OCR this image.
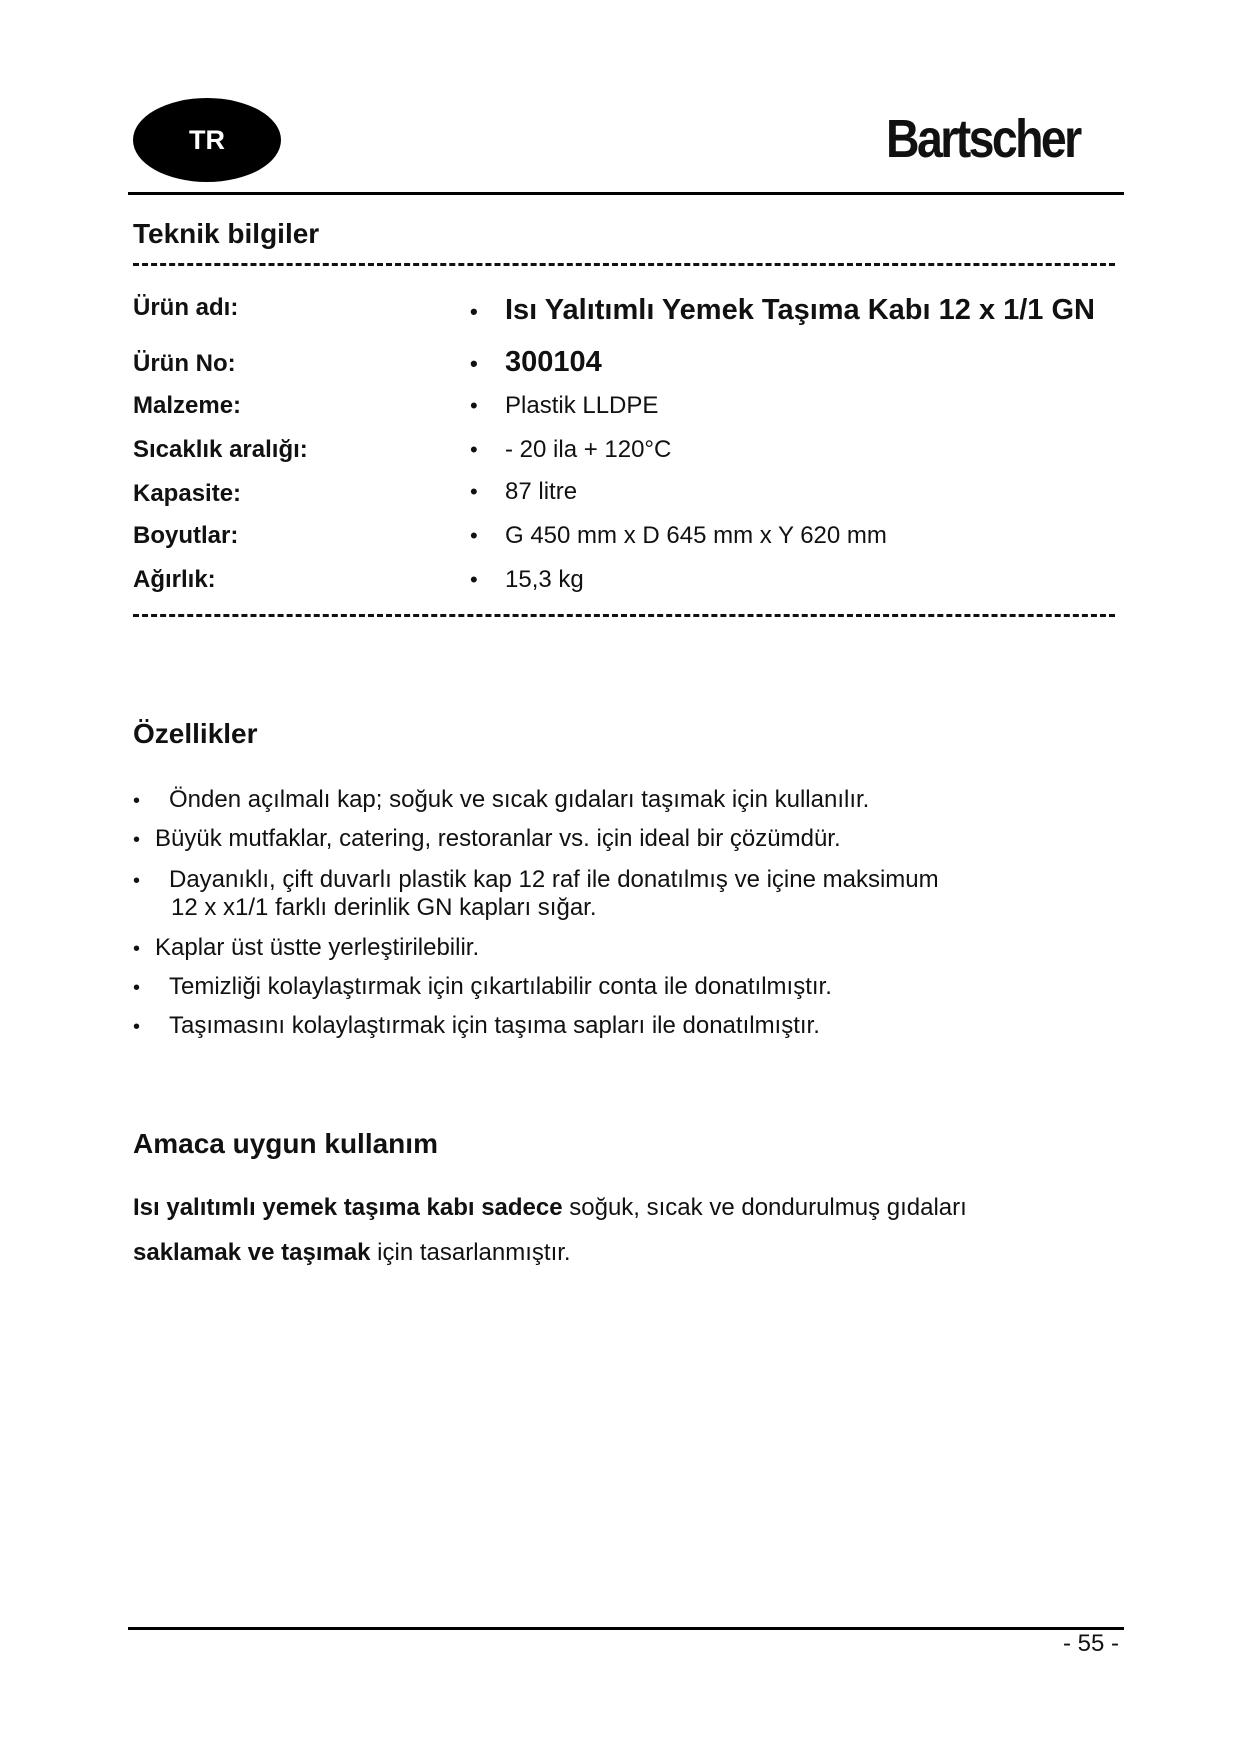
TR	Bartscher
Teknik bilgiler
Ürün adı:	• Isı Yalıtımlı Yemek Taşıma Kabı 12 x 1/1 GN
Ürün No:	• 300104
Malzeme:	• Plastik LLDPE
Sıcaklık aralığı:	• - 20 ila + 120°C
Kapasite:	• 87 litre
Boyutlar:	• G 450 mm x D 645 mm x Y 620 mm
Ağırlık:	• 15,3 kg
Özellikler
• Önden açılmalı kap; soğuk ve sıcak gıdaları taşımak için kullanılır.
• Büyük mutfaklar, catering, restoranlar vs. için ideal bir çözümdür.
• Dayanıklı, çift duvarlı plastik kap 12 raf ile donatılmış ve içine maksimum
12 x x1/1 farklı derinlik GN kapları sığar.
• Kaplar üst üstte yerleştirilebilir.
• Temizliği kolaylaştırmak için çıkartılabilir conta ile donatılmıştır.
• Taşımasını kolaylaştırmak için taşıma sapları ile donatılmıştır.
Amaca uygun kullanım
Isı yalıtımlı yemek taşıma kabı sadece soğuk, sıcak ve dondurulmuş gıdaları
saklamak ve taşımak için tasarlanmıştır.
- 55 -
